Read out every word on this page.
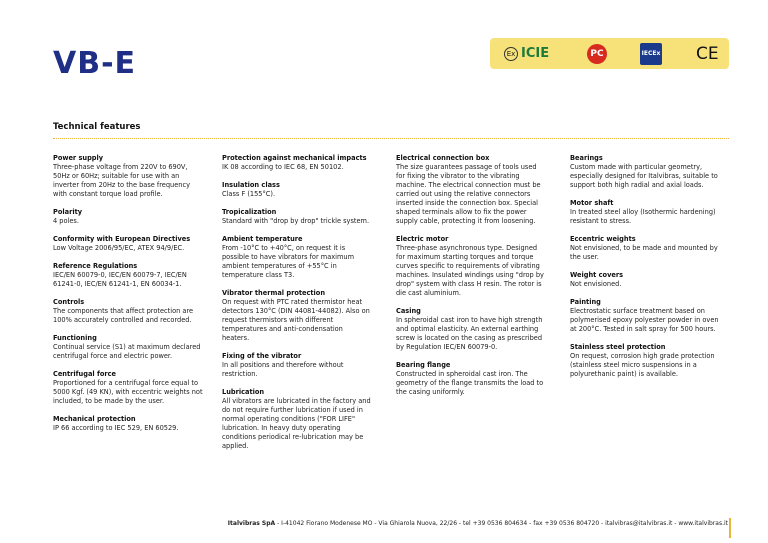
VB-E	Ex ICIE	PC	IECEx CE
Technical features
Power supply

Three-phase voltage from 220V to 690V, 50Hz or 60Hz; suitable for use with an inverter from 20Hz to the base frequency with constant torque load profile.

Polarity

4 poles.

Conformity with European Directives

Low Voltage 2006/95/EC, ATEX 94/9/EC.

Reference Regulations

IEC/EN 60079-0, IEC/EN 60079-7, IEC/EN 61241-0, IEC/EN 61241-1, EN 60034-1.

Controls

The components that affect protection are 100% accurately controlled and recorded.

Functioning

Continual service (S1) at maximum declared centrifugal force and electric power.

Centrifugal force

Proportioned for a centrifugal force equal to 5000 Kgf. (49 KN), with eccentric weights not included, to be made by the user.

Mechanical protection

IP 66 according to IEC 529, EN 60529.

Protection against mechanical impacts

IK 08 according to IEC 68, EN 50102.

Insulation class

Class F (155°C).

Tropicalization

Standard with "drop by drop" trickle system.

Ambient temperature

From -10°C to +40°C, on request it is possible to have vibrators for maximum ambient temperatures of +55°C in temperature class T3.

Vibrator thermal protection

On request with PTC rated thermistor heat detectors 130°C (DIN 44081-44082). Also on request thermistors with different temperatures and anti-condensation heaters.

Fixing of the vibrator

In all positions and therefore without restriction.

Lubrication

All vibrators are lubricated in the factory and do not require further lubrication if used in normal operating conditions ("FOR LIFE" lubrication. In heavy duty operating conditions periodical re-lubrication may be applied.

Electrical connection box

The size guarantees passage of tools used for fixing the vibrator to the vibrating machine. The electrical connection must be carried out using the relative connectors inserted inside the connection box. Special shaped terminals allow to fix the power supply cable, protecting it from loosening.

Electric motor

Three-phase asynchronous type. Designed for maximum starting torques and torque curves specific to requirements of vibrating machines. Insulated windings using "drop by drop" system with class H resin. The rotor is die cast aluminium.

Casing

In spheroidal cast iron to have high strength and optimal elasticity. An external earthing screw is located on the casing as prescribed by Regulation IEC/EN 60079-0.

Bearing flange

Constructed in spheroidal cast iron. The geometry of the flange transmits the load to the casing uniformly.

Bearings

Custom made with particular geometry, especially designed for Italvibras, suitable to support both high radial and axial loads.

Motor shaft

In treated steel alloy (Isothermic hardening) resistant to stress.

Eccentric weights

Not envisioned, to be made and mounted by the user.

Weight covers

Not envisioned.

Painting

Electrostatic surface treatment based on polymerised epoxy polyester powder in oven at 200°C. Tested in salt spray for 500 hours.

Stainless steel protection

On request, corrosion high grade protection (stainless steel micro suspensions in a polyurethanic paint) is available.

Italvibras SpA - I-41042 Fiorano Modenese MO - Via Ghiarola Nuova, 22/26 - tel +39 0536 804634 - fax +39 0536 804720 - italvibras@italvibras.it - www.italvibras.it
